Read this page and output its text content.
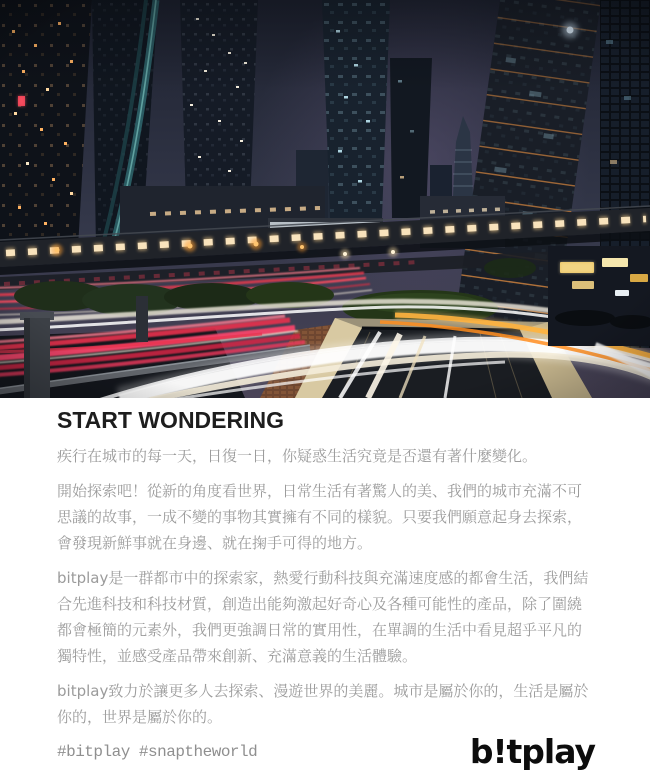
START WONDERING

疾行在城市的每一天，日復一日，你疑惑生活究竟是否還有著什麼變化。

開始探索吧！從新的角度看世界，日常生活有著驚人的美、我們的城市充滿不可思議的故事，一成不變的事物其實擁有不同的樣貌。只要我們願意起身去探索，會發現新鮮事就在身邊、就在掬手可得的地方。

bitplay是一群都市中的探索家，熱愛行動科技與充滿速度感的都會生活，我們結合先進科技和科技材質，創造出能夠激起好奇心及各種可能性的產品，除了圍繞都會極簡的元素外，我們更強調日常的實用性，在單調的生活中看見超乎平凡的獨特性，並感受產品帶來創新、充滿意義的生活體驗。

bitplay致力於讓更多人去探索、漫遊世界的美麗。城市是屬於你的，生活是屬於你的，世界是屬於你的。

#bitplay #snaptheworld	b!tplay
